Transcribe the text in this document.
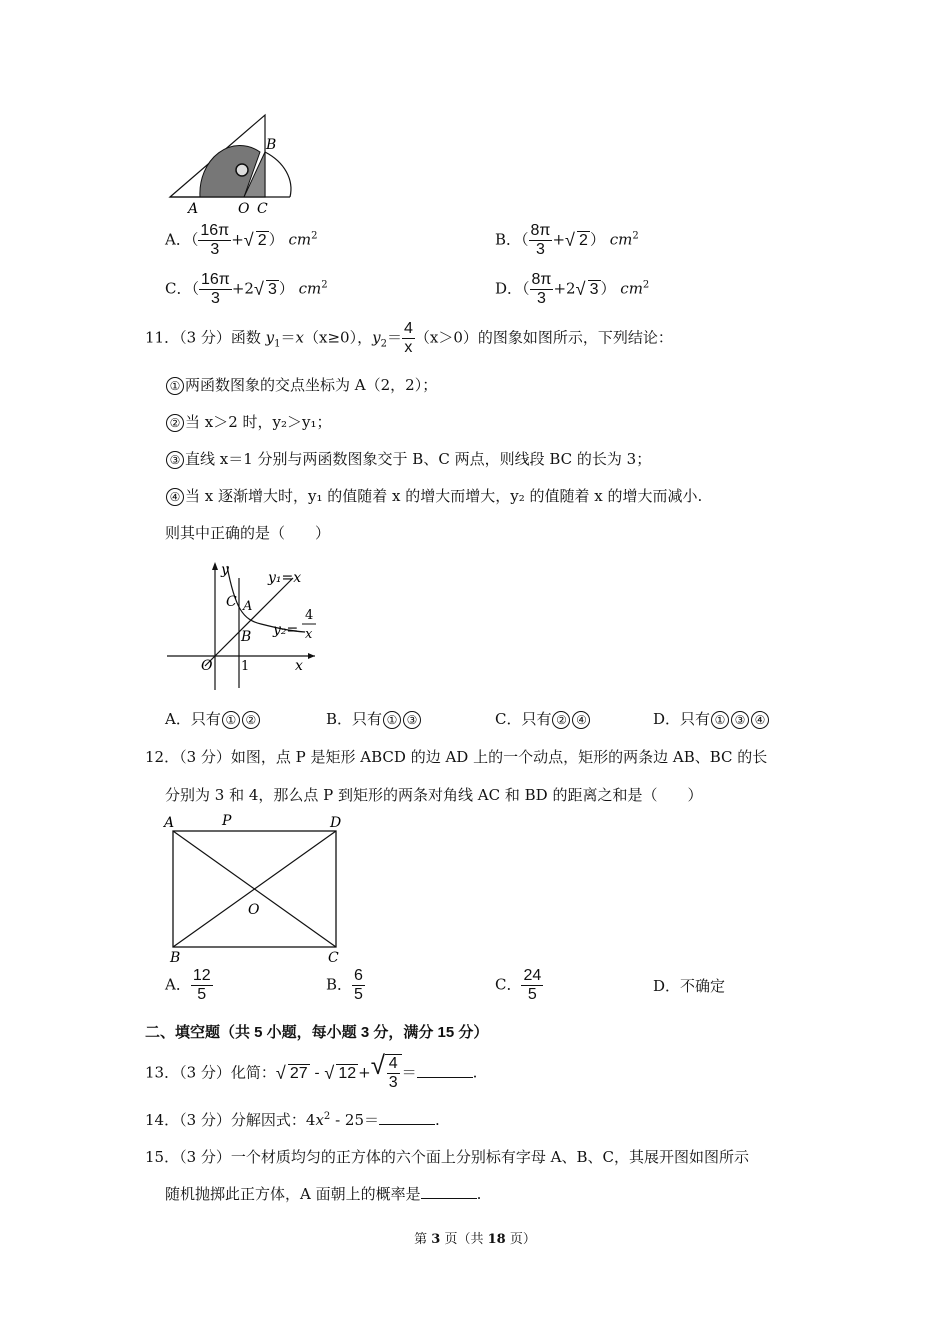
A	O C
B
A．（ $\frac{16\pi}{3}$ + √ 2 ） $cm^2$	B．（ $\frac{8\pi}{3}$ + √ 2 ） $cm^2$
C．（ $\frac{16\pi}{3} +2$ √ 3 ） $cm^2$	D．（ $\frac{8\pi}{3} +2$ √ 3 ） $cm^2$
11．（3 分）函数 $y_1=x(x\ge 0)$，$y_2= \frac{4}{x} (x>0)$的图象如图所示，下列结论：
① 两函数图象的交点坐标为 A（2，2）；
② 当 x＞2 时，y₂＞y₁；
③ 直线 x＝1 分别与两函数图象交于 B、C 两点，则线段 BC 的长为 3；
④ 当 x 逐渐增大时，y₁ 的值随着 x 的增大而增大，y₂ 的值随着 x 的增大而减小.
则其中正确的是（　　）
y
x
O 1
C A
B
y₁=x
y₂=
4
x
A．只有 ① ②	B．只有 ① ③	C．只有 ② ④	D．只有 ① ③ ④
12．（3 分）如图，点 P 是矩形 ABCD 的边 AD 上的一个动点，矩形的两条边 AB、BC 的长
分别为 3 和 4，那么点 P 到矩形的两条对角线 AC 和 BD 的距离之和是（　　）
A	P	D
B	C
O
A． $\frac{12}{5}$	B． $\frac{6}{5}$	C． $\frac{24}{5}$	D．不确定
二、填空题（共 5 小题，每小题 3 分，满分 15 分）
13．（3 分）化简： √ 27 - √ 12 + √ $\frac{4}{3}$ ＝	.
14．（3 分）分解因式：$4x^2 - 25=$	.
15．（3 分）一个材质均匀的正方体的六个面上分别标有字母 A、B、C，其展开图如图所示
随机抛掷此正方体，A 面朝上的概率是	.
第 3 页（共 18 页）
